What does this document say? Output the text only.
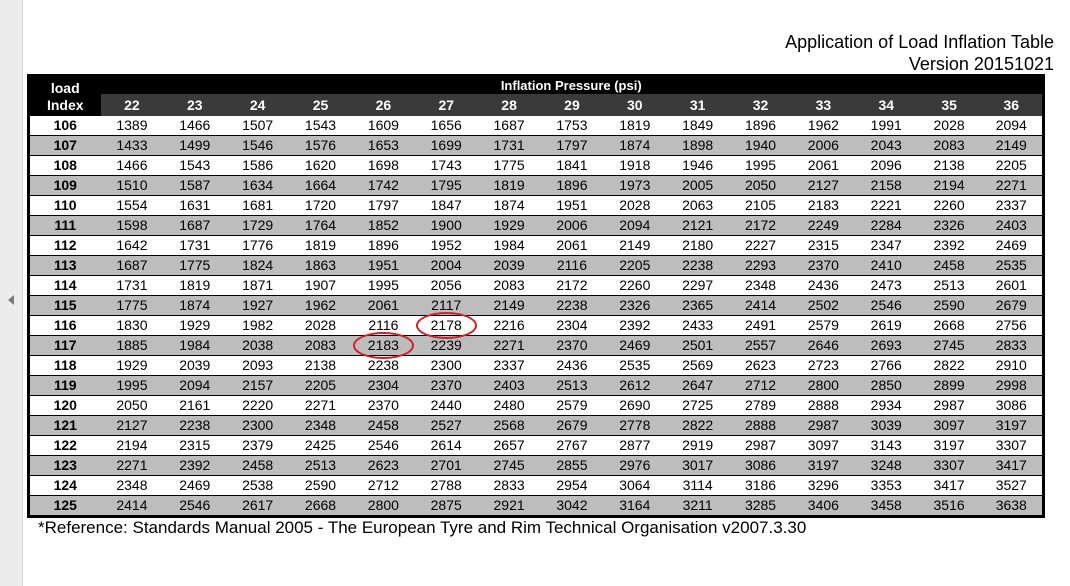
Application of Load Inflation Table
Version 20151021
load
Index	Inflation Pressure (psi)														
	22	23	24	25	26	27	28	29	30	31	32	33	34	35	36
106	1389	1466	1507	1543	1609	1656	1687	1753	1819	1849	1896	1962	1991	2028	2094
107	1433	1499	1546	1576	1653	1699	1731	1797	1874	1898	1940	2006	2043	2083	2149
108	1466	1543	1586	1620	1698	1743	1775	1841	1918	1946	1995	2061	2096	2138	2205
109	1510	1587	1634	1664	1742	1795	1819	1896	1973	2005	2050	2127	2158	2194	2271
110	1554	1631	1681	1720	1797	1847	1874	1951	2028	2063	2105	2183	2221	2260	2337
111	1598	1687	1729	1764	1852	1900	1929	2006	2094	2121	2172	2249	2284	2326	2403
112	1642	1731	1776	1819	1896	1952	1984	2061	2149	2180	2227	2315	2347	2392	2469
113	1687	1775	1824	1863	1951	2004	2039	2116	2205	2238	2293	2370	2410	2458	2535
114	1731	1819	1871	1907	1995	2056	2083	2172	2260	2297	2348	2436	2473	2513	2601
115	1775	1874	1927	1962	2061	2117	2149	2238	2326	2365	2414	2502	2546	2590	2679
116	1830	1929	1982	2028	2116	2178	2216	2304	2392	2433	2491	2579	2619	2668	2756
117	1885	1984	2038	2083	2183	2239	2271	2370	2469	2501	2557	2646	2693	2745	2833
118	1929	2039	2093	2138	2238	2300	2337	2436	2535	2569	2623	2723	2766	2822	2910
119	1995	2094	2157	2205	2304	2370	2403	2513	2612	2647	2712	2800	2850	2899	2998
120	2050	2161	2220	2271	2370	2440	2480	2579	2690	2725	2789	2888	2934	2987	3086
121	2127	2238	2300	2348	2458	2527	2568	2679	2778	2822	2888	2987	3039	3097	3197
122	2194	2315	2379	2425	2546	2614	2657	2767	2877	2919	2987	3097	3143	3197	3307
123	2271	2392	2458	2513	2623	2701	2745	2855	2976	3017	3086	3197	3248	3307	3417
124	2348	2469	2538	2590	2712	2788	2833	2954	3064	3114	3186	3296	3353	3417	3527
125	2414	2546	2617	2668	2800	2875	2921	3042	3164	3211	3285	3406	3458	3516	3638
*Reference: Standards Manual 2005 - The European Tyre and Rim Technical Organisation v2007.3.30
